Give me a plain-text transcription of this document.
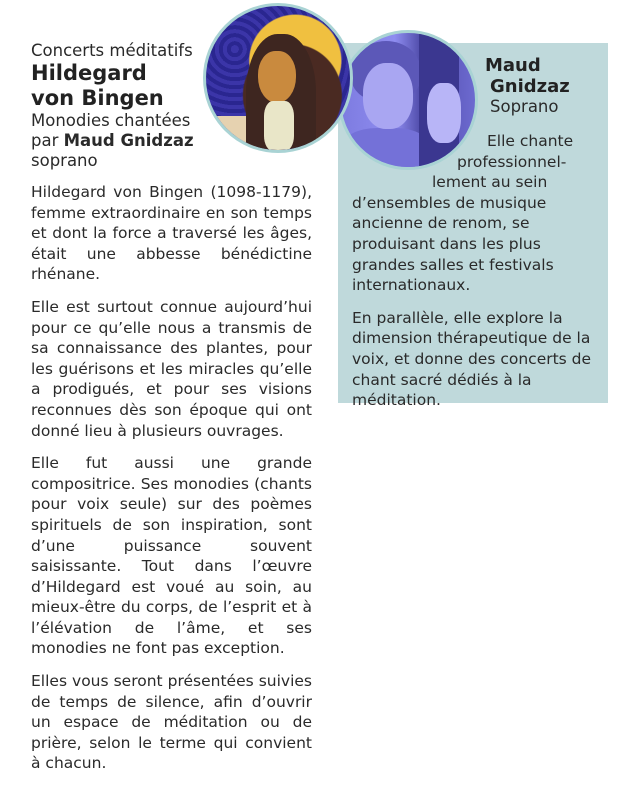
Concerts méditatifs

Hildegard

von Bingen

Monodies chantées

par Maud Gnidzaz

soprano

Hildegard von Bingen (1098-1179), femme extraordinaire en son temps et dont la force a traversé les âges, était une abbesse bénédictine rhénane.

Elle est surtout connue aujourd’hui pour ce qu’elle nous a transmis de sa connaissance des plantes, pour les guérisons et les miracles qu’elle a prodigués, et pour ses visions reconnues dès son époque qui ont donné lieu à plusieurs ouvrages.

Elle fut aussi une grande compositrice. Ses monodies (chants pour voix seule) sur des poèmes spirituels de son inspiration, sont d’une puissance souvent saisissante. Tout dans l’œuvre d’Hildegard est voué au soin, au mieux-être du corps, de l’esprit et à l’élévation de l’âme, et ses monodies ne font pas exception.

Elles vous seront présentées suivies de temps de silence, afin d’ouvrir un espace de méditation ou de prière, selon le terme qui convient à chacun.

Maud

Gnidzaz

Soprano

Elle chante
professionnel-
lement au sein
d’ensembles de musique ancienne de renom, se produisant dans les plus grandes salles et festivals internationaux.

En parallèle, elle explore la dimension thérapeutique de la voix, et donne des concerts de chant sacré dédiés à la méditation.
